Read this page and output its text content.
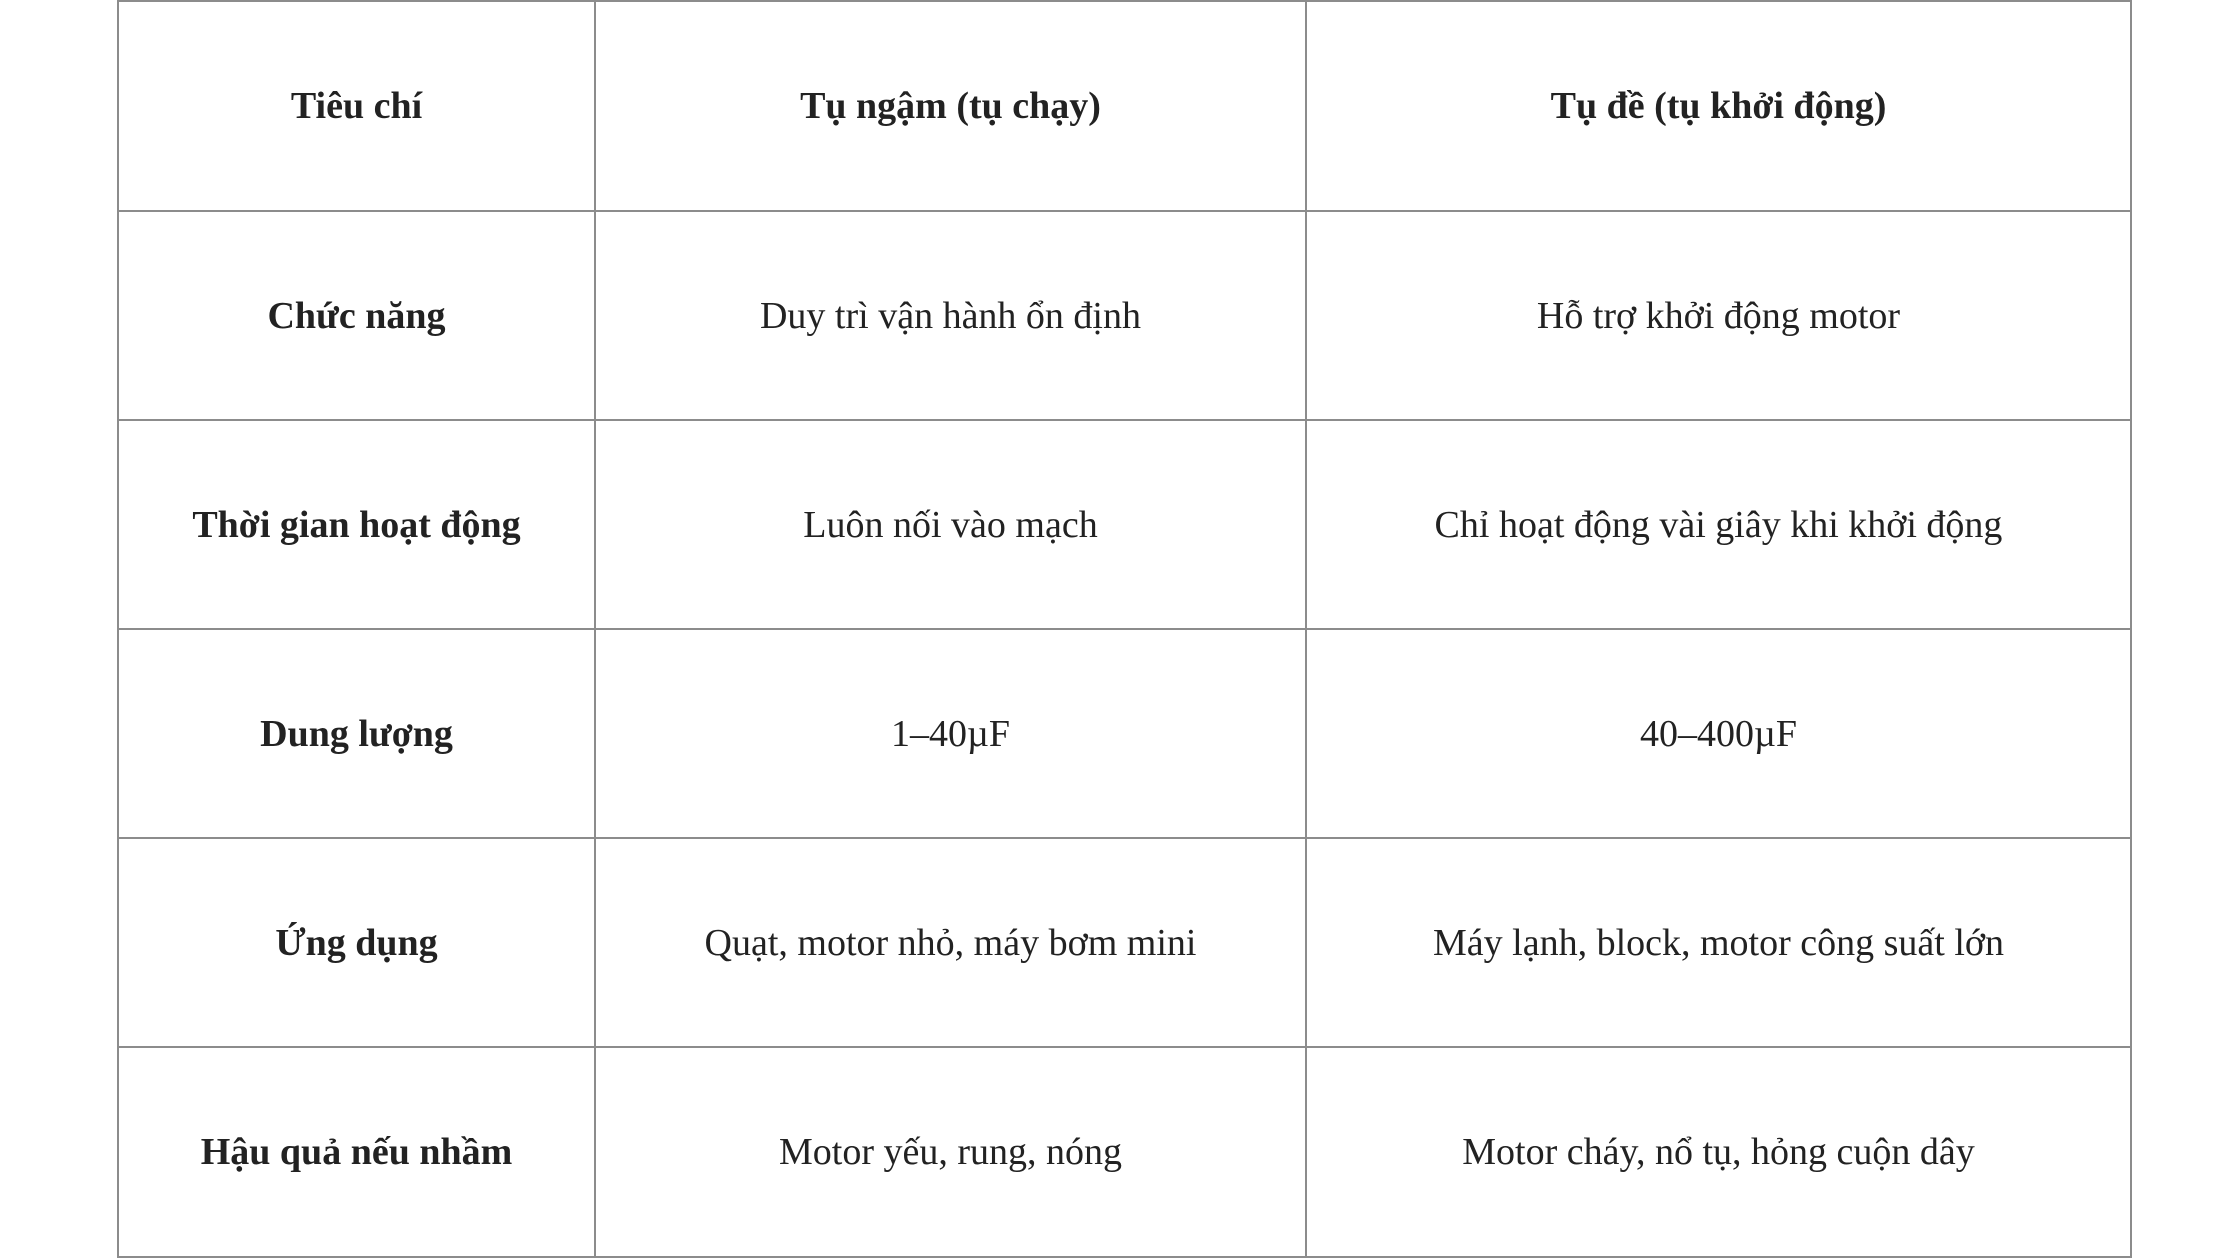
Tiêu chí	Tụ ngậm (tụ chạy)	Tụ đề (tụ khởi động)
Chức năng	Duy trì vận hành ổn định	Hỗ trợ khởi động motor
Thời gian hoạt động	Luôn nối vào mạch	Chỉ hoạt động vài giây khi khởi động
Dung lượng	1–40µF	40–400µF
Ứng dụng	Quạt, motor nhỏ, máy bơm mini	Máy lạnh, block, motor công suất lớn
Hậu quả nếu nhầm	Motor yếu, rung, nóng	Motor cháy, nổ tụ, hỏng cuộn dây
